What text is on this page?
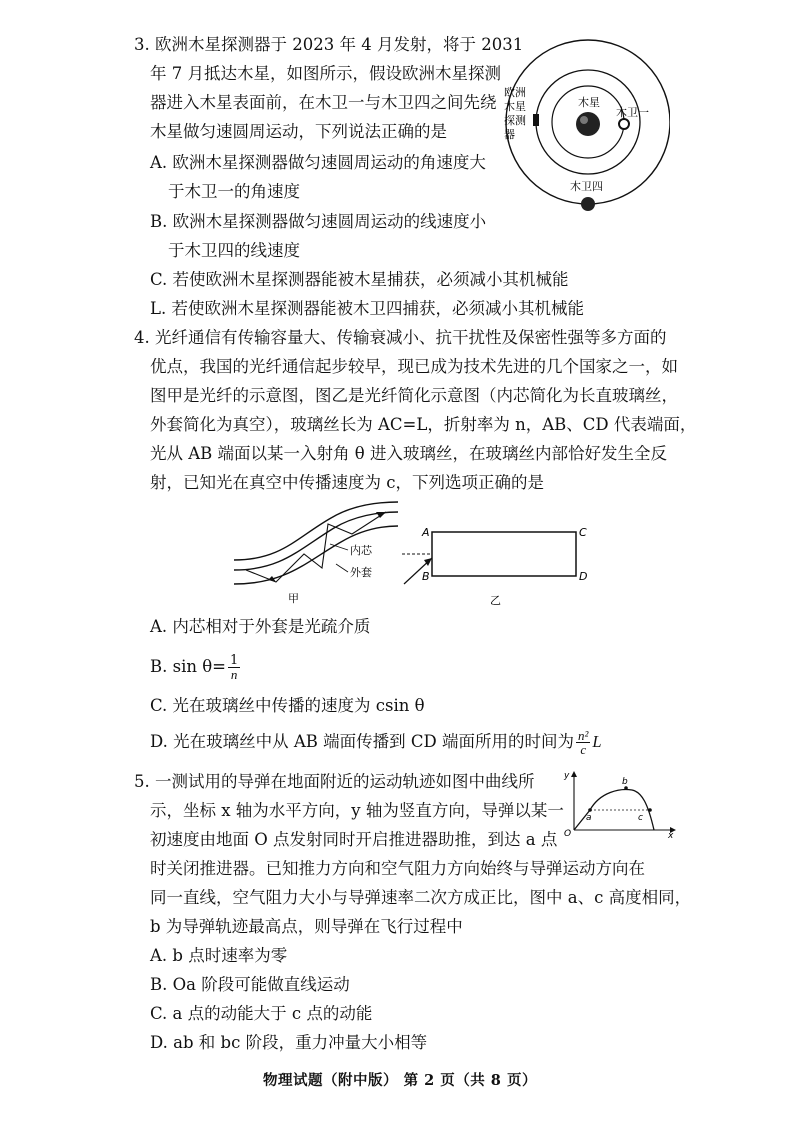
3. 欧洲木星探测器于 2023 年 4 月发射，将于 2031
年 7 月抵达木星，如图所示，假设欧洲木星探测
器进入木星表面前，在木卫一与木卫四之间先绕
木星做匀速圆周运动，下列说法正确的是
A. 欧洲木星探测器做匀速圆周运动的角速度大
于木卫一的角速度
B. 欧洲木星探测器做匀速圆周运动的线速度小
于木卫四的线速度
C. 若使欧洲木星探测器能被木星捕获，必须减小其机械能
L. 若使欧洲木星探测器能被木卫四捕获，必须减小其机械能
欧洲
木星
探测
器
木星
木卫一
木卫四
4. 光纤通信有传输容量大、传输衰减小、抗干扰性及保密性强等多方面的
优点，我国的光纤通信起步较早，现已成为技术先进的几个国家之一，如
图甲是光纤的示意图，图乙是光纤简化示意图（内芯简化为长直玻璃丝，
外套简化为真空），玻璃丝长为 AC=L，折射率为 n，AB、CD 代表端面，
光从 AB 端面以某一入射角 θ 进入玻璃丝，在玻璃丝内部恰好发生全反
射，已知光在真空中传播速度为 c，下列选项正确的是
内芯
外套
甲
A
B
C
D
乙
A. 内芯相对于外套是光疏介质
B. $\sin \theta= \frac{1}{n}$
C. 光在玻璃丝中传播的速度为 csin θ
D. 光在玻璃丝中从 AB 端面传播到 CD 端面所用的时间为 $\frac{\text{n²}}{c}$ L
5. 一测试用的导弹在地面附近的运动轨迹如图中曲线所
示，坐标 x 轴为水平方向，y 轴为竖直方向，导弹以某一
初速度由地面 O 点发射同时开启推进器助推，到达 a 点
时关闭推进器。已知推力方向和空气阻力方向始终与导弹运动方向在
同一直线，空气阻力大小与导弹速率二次方成正比，图中 a、c 高度相同，
b 为导弹轨迹最高点，则导弹在飞行过程中
A. b 点时速率为零
B. Oa 阶段可能做直线运动
C. a 点的动能大于 c 点的动能
D. ab 和 bc 阶段，重力冲量大小相等
y
x
O
a
b
c
物理试题（附中版） 第 2 页（共 8 页）
